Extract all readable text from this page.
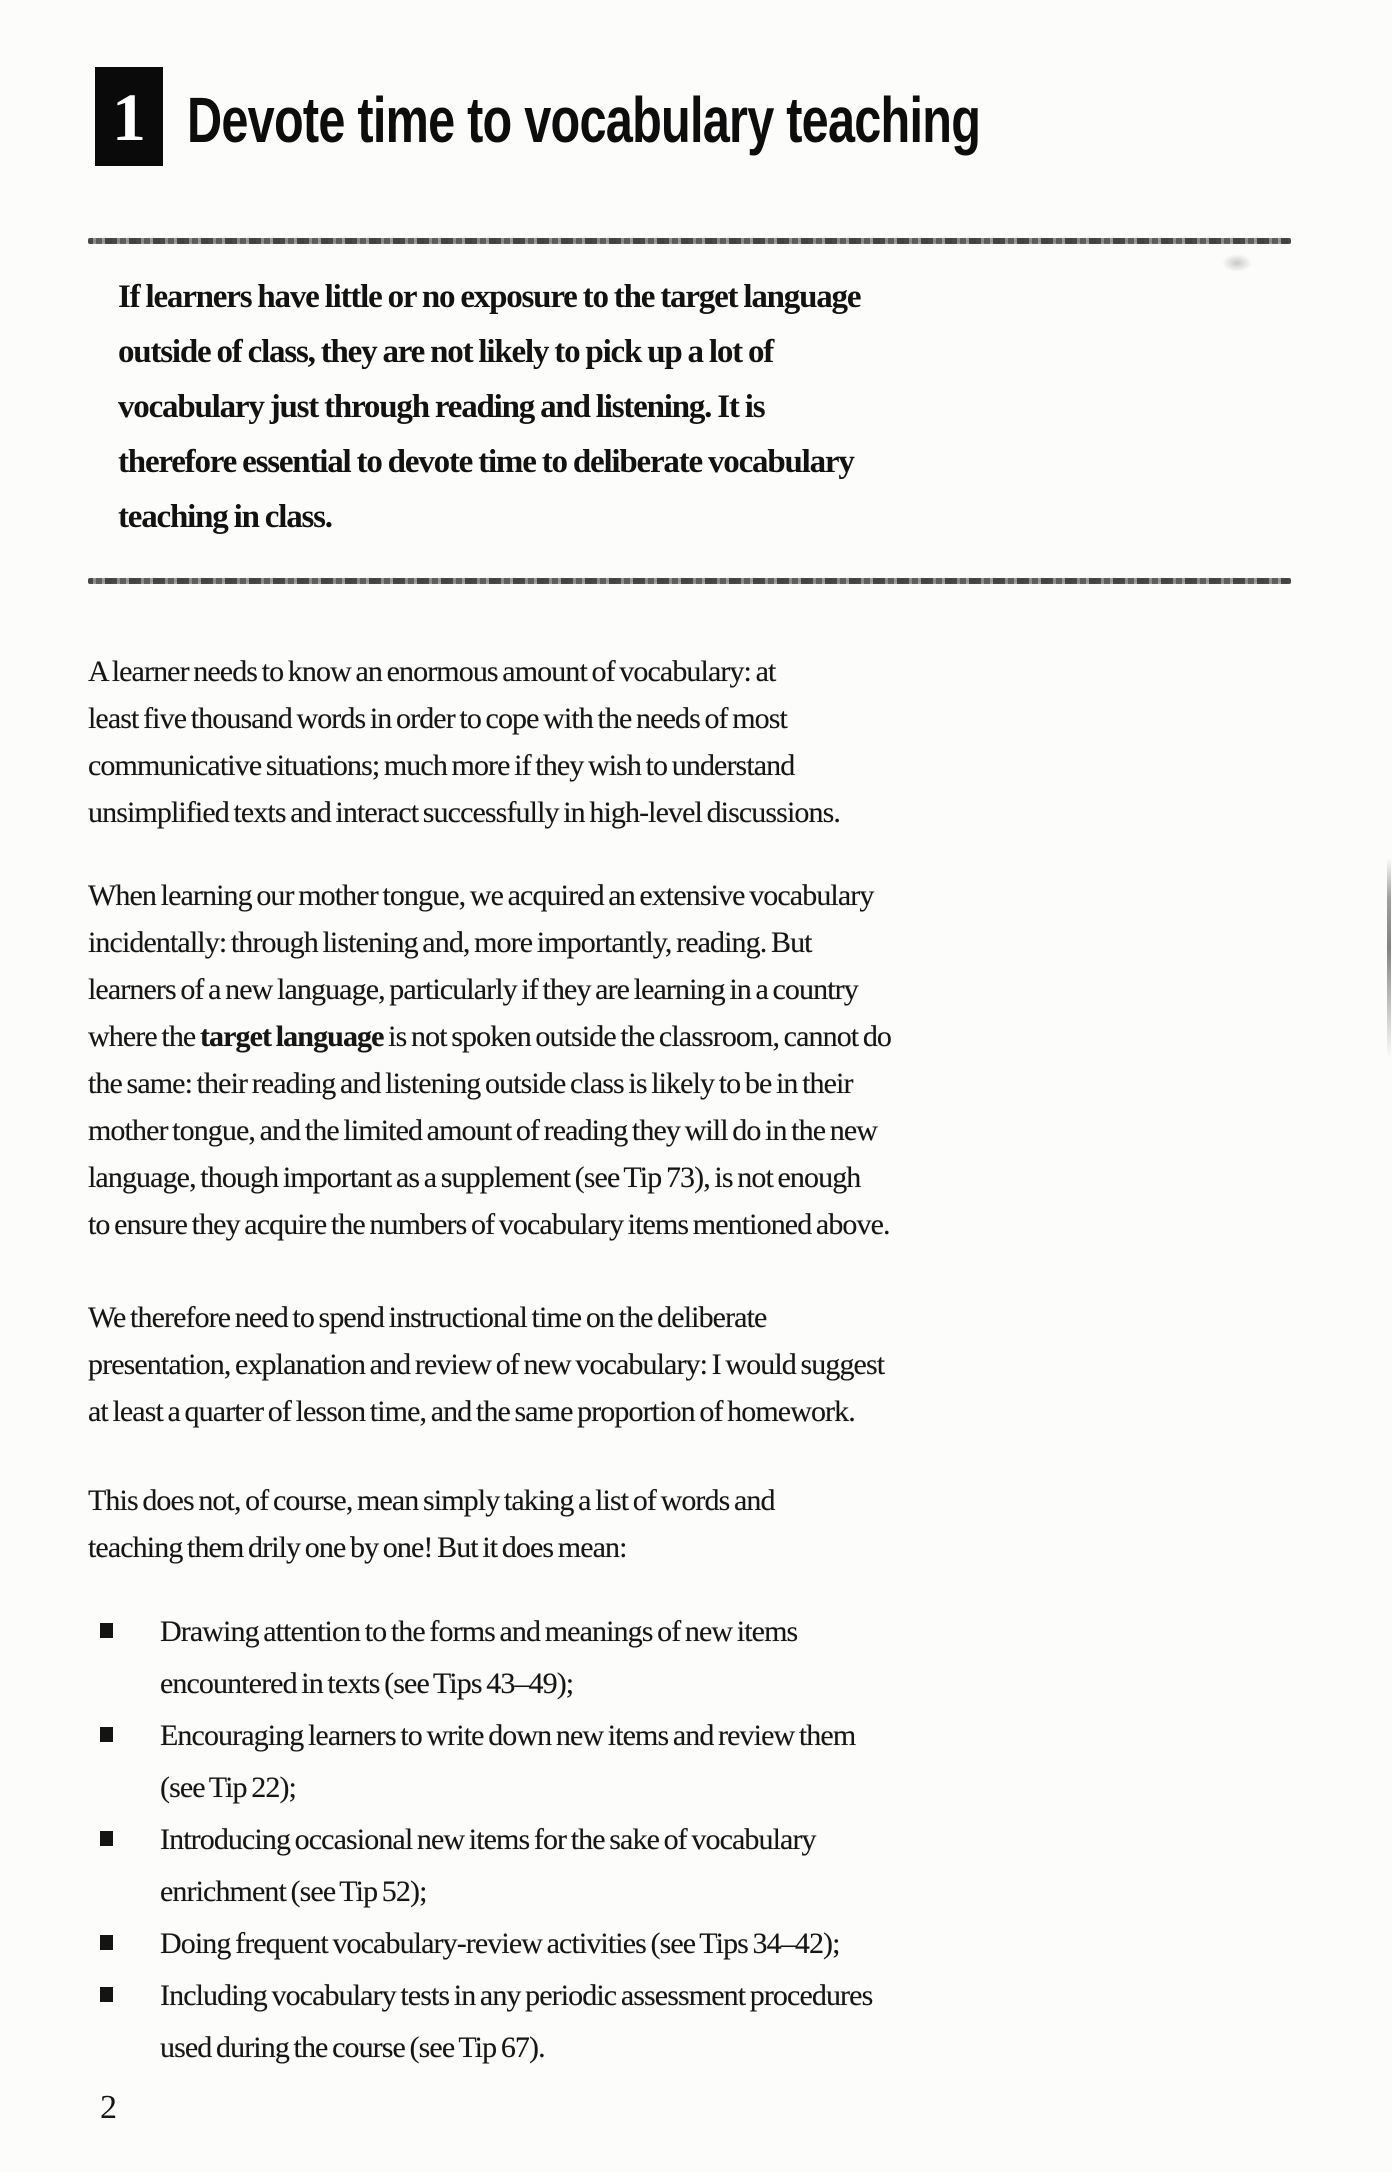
1 Devote time to vocabulary teaching
If learners have little or no exposure to the target language
outside of class, they are not likely to pick up a lot of
vocabulary just through reading and listening. It is
therefore essential to devote time to deliberate vocabulary
teaching in class.

A learner needs to know an enormous amount of vocabulary: at
least five thousand words in order to cope with the needs of most
communicative situations; much more if they wish to understand
unsimplified texts and interact successfully in high-level discussions.

When learning our mother tongue, we acquired an extensive vocabulary
incidentally: through listening and, more importantly, reading. But
learners of a new language, particularly if they are learning in a country
where the target language is not spoken outside the classroom, cannot do
the same: their reading and listening outside class is likely to be in their
mother tongue, and the limited amount of reading they will do in the new
language, though important as a supplement (see Tip 73), is not enough
to ensure they acquire the numbers of vocabulary items mentioned above.

We therefore need to spend instructional time on the deliberate
presentation, explanation and review of new vocabulary: I would suggest
at least a quarter of lesson time, and the same proportion of homework.

This does not, of course, mean simply taking a list of words and
teaching them drily one by one! But it does mean:

Drawing attention to the forms and meanings of new items
encountered in texts (see Tips 43–49);
Encouraging learners to write down new items and review them
(see Tip 22);
Introducing occasional new items for the sake of vocabulary
enrichment (see Tip 52);
Doing frequent vocabulary-review activities (see Tips 34–42);
Including vocabulary tests in any periodic assessment procedures
used during the course (see Tip 67).
2
